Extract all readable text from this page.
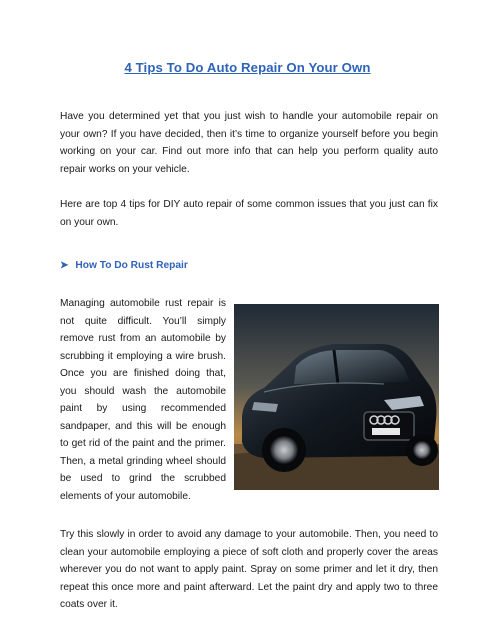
4 Tips To Do Auto Repair On Your Own

Have you determined yet that you just wish to handle your automobile repair on your own? If you have decided, then it’s time to organize yourself before you begin working on your car. Find out more info that can help you perform quality auto repair works on your vehicle.

Here are top 4 tips for DIY auto repair of some common issues that you just can fix on your own.

➤ How To Do Rust Repair

Managing automobile rust repair is not quite difficult. You’ll simply remove rust from an automobile by scrubbing it employing a wire brush. Once you are finished doing that, you should wash the automobile paint by using recommended sandpaper, and this will be enough to get rid of the paint and the primer. Then, a metal grinding wheel should be used to grind the scrubbed elements of your automobile.

Try this slowly in order to avoid any damage to your automobile. Then, you need to clean your automobile employing a piece of soft cloth and properly cover the areas wherever you do not want to apply paint. Spray on some primer and let it dry, then repeat this once more and paint afterward. Let the paint dry and apply two to three coats over it.
